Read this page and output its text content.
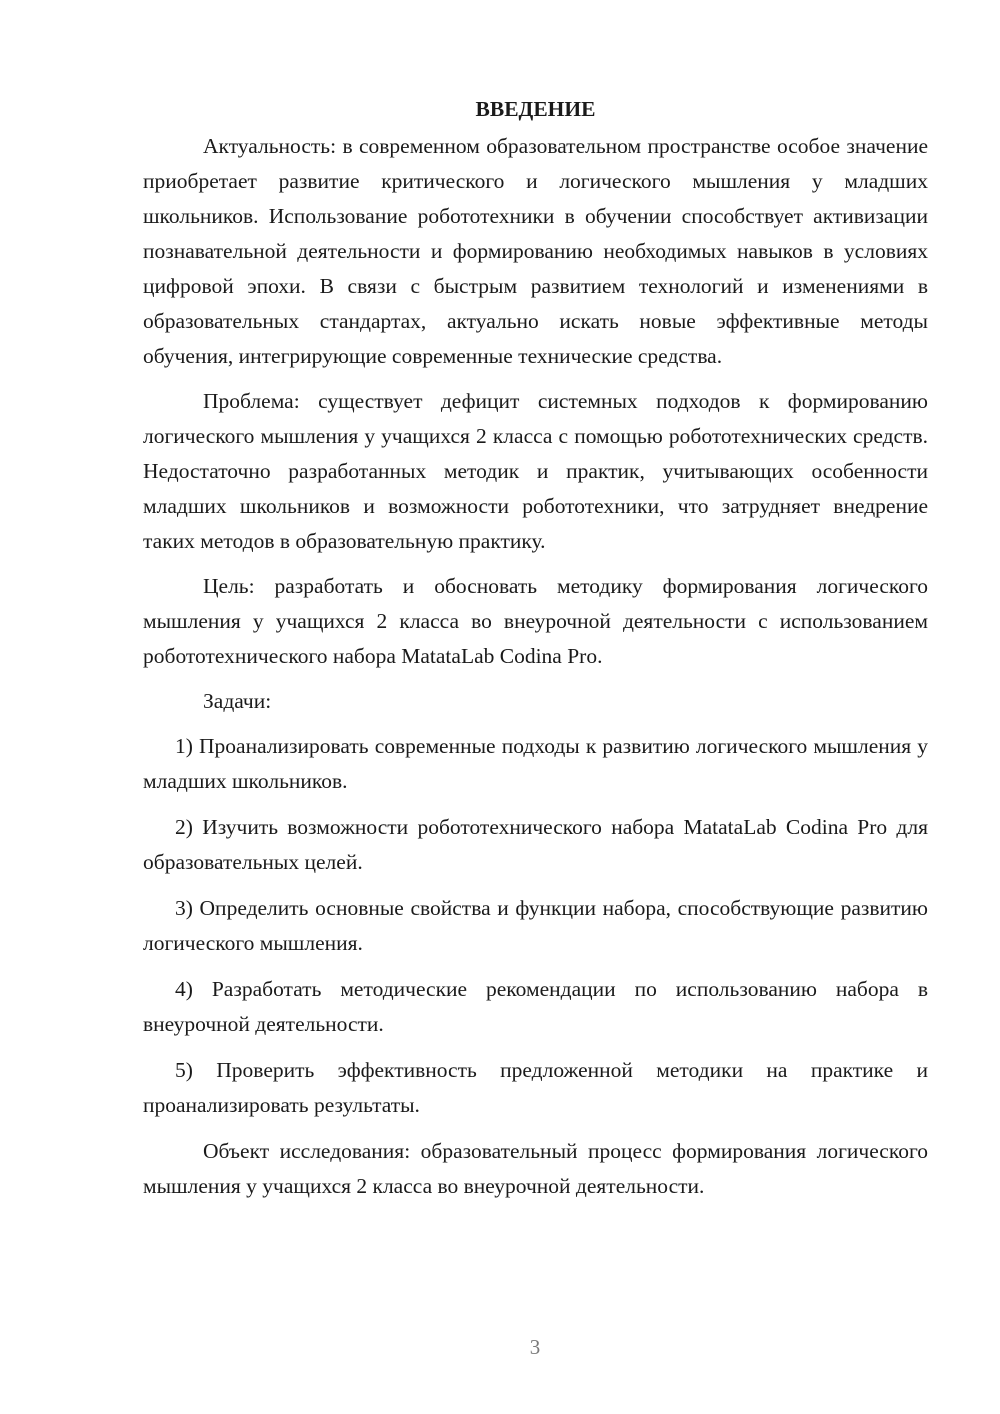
ВВЕДЕНИЕ

Актуальность: в современном образовательном пространстве особое значение приобретает развитие критического и логического мышления у младших школьников. Использование робототехники в обучении способствует активизации познавательной деятельности и формированию необходимых навыков в условиях цифровой эпохи. В связи с быстрым развитием технологий и изменениями в образовательных стандартах, актуально искать новые эффективные методы обучения, интегрирующие современные технические средства.

Проблема: существует дефицит системных подходов к формированию логического мышления у учащихся 2 класса с помощью робототехнических средств. Недостаточно разработанных методик и практик, учитывающих особенности младших школьников и возможности робототехники, что затрудняет внедрение таких методов в образовательную практику.

Цель: разработать и обосновать методику формирования логического мышления у учащихся 2 класса во внеурочной деятельности с использованием робототехнического набора MatataLab Codina Pro.

Задачи:

1) Проанализировать современные подходы к развитию логического мышления у младших школьников.

2) Изучить возможности робототехнического набора MatataLab Codina Pro для образовательных целей.

3) Определить основные свойства и функции набора, способствующие развитию логического мышления.

4) Разработать методические рекомендации по использованию набора в внеурочной деятельности.

5) Проверить эффективность предложенной методики на практике и проанализировать результаты.

Объект исследования: образовательный процесс формирования логического мышления у учащихся 2 класса во внеурочной деятельности.

3
